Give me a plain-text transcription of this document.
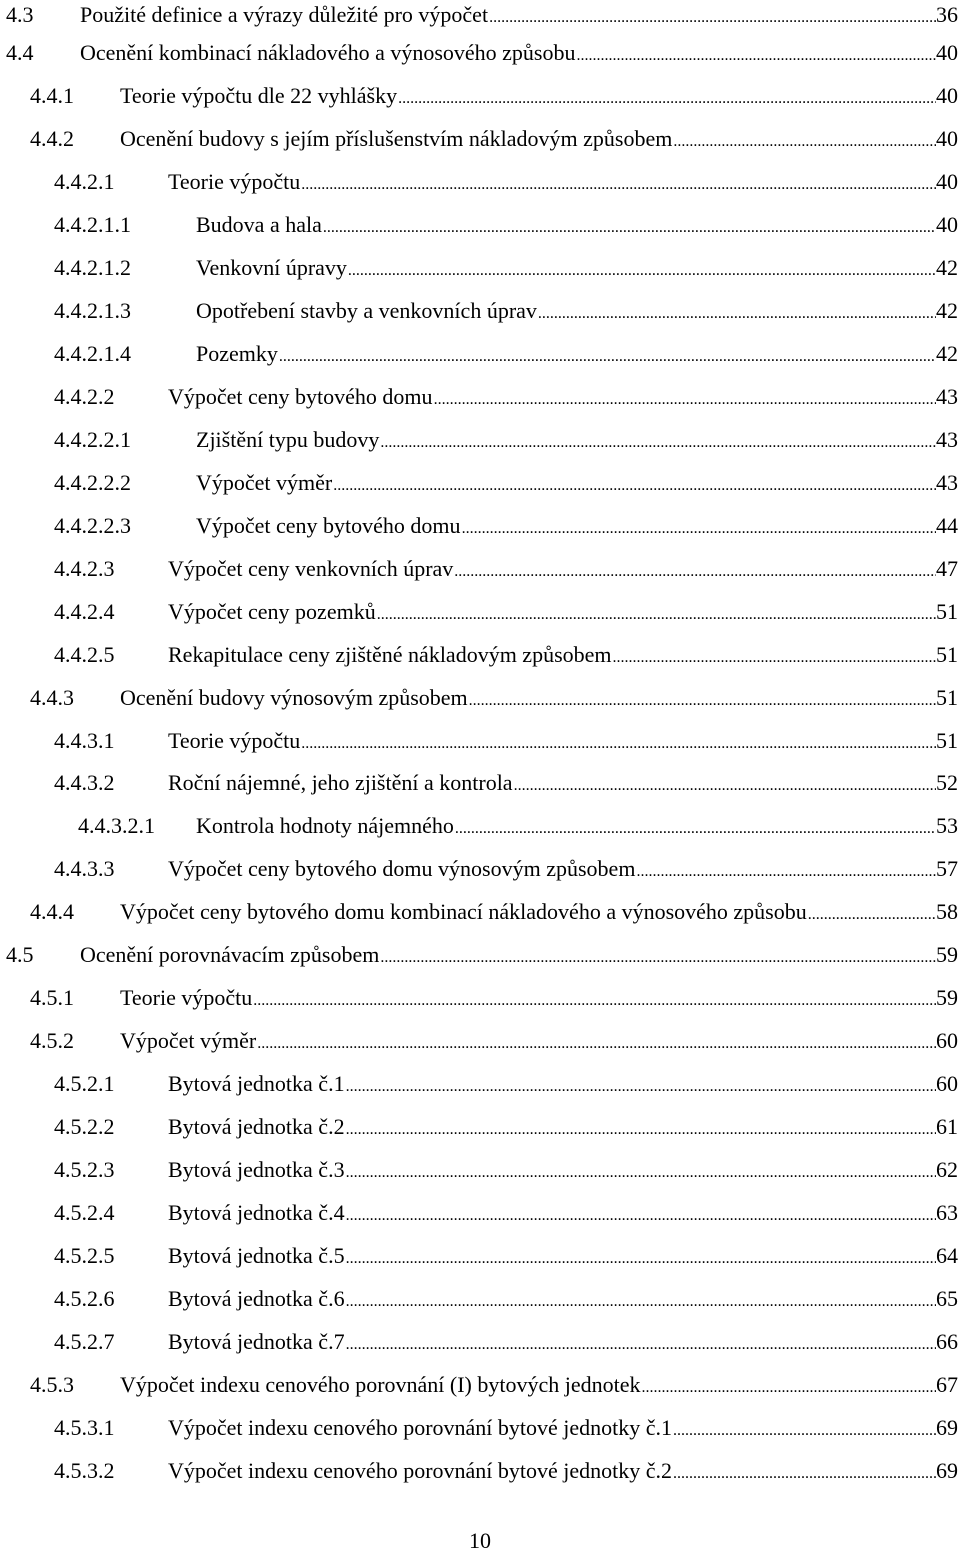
4.3 Použité definice a výrazy důležité pro výpočet .....	36
4.4 Ocenění kombinací nákladového a výnosového způsobu .....	40
4.4.1 Teorie výpočtu dle 22 vyhlášky .....	40
4.4.2 Ocenění budovy s jejím příslušenstvím nákladovým způsobem .....	40
4.4.2.1 Teorie výpočtu .....	40
4.4.2.1.1	Budova a hala .....	40
4.4.2.1.2	Venkovní úpravy .....	42
4.4.2.1.3	Opotřebení stavby a venkovních úprav .....	42
4.4.2.1.4	Pozemky .....	42
4.4.2.2 Výpočet ceny bytového domu .....	43
4.4.2.2.1	Zjištění typu budovy .....	43
4.4.2.2.2	Výpočet výměr .....	43
4.4.2.2.3	Výpočet ceny bytového domu .....	44
4.4.2.3 Výpočet ceny venkovních úprav .....	47
4.4.2.4 Výpočet ceny pozemků .....	51
4.4.2.5 Rekapitulace ceny zjištěné nákladovým způsobem .....	51
4.4.3 Ocenění budovy výnosovým způsobem .....	51
4.4.3.1 Teorie výpočtu .....	51
4.4.3.2 Roční nájemné, jeho zjištění a kontrola .....	52
4.4.3.2.1 Kontrola hodnoty nájemného .....	53
4.4.3.3 Výpočet ceny bytového domu výnosovým způsobem .....	57
4.4.4 Výpočet ceny bytového domu kombinací nákladového a výnosového způsobu .....	58
4.5 Ocenění porovnávacím způsobem .....	59
4.5.1 Teorie výpočtu .....	59
4.5.2 Výpočet výměr .....	60
4.5.2.1 Bytová jednotka č.1 .....	60
4.5.2.2 Bytová jednotka č.2 .....	61
4.5.2.3 Bytová jednotka č.3 .....	62
4.5.2.4 Bytová jednotka č.4 .....	63
4.5.2.5 Bytová jednotka č.5 .....	64
4.5.2.6 Bytová jednotka č.6 .....	65
4.5.2.7 Bytová jednotka č.7 .....	66
4.5.3 Výpočet indexu cenového porovnání (I) bytových jednotek .....	67
4.5.3.1 Výpočet indexu cenového porovnání bytové jednotky č.1 .....	69
4.5.3.2 Výpočet indexu cenového porovnání bytové jednotky č.2 .....	69
10
